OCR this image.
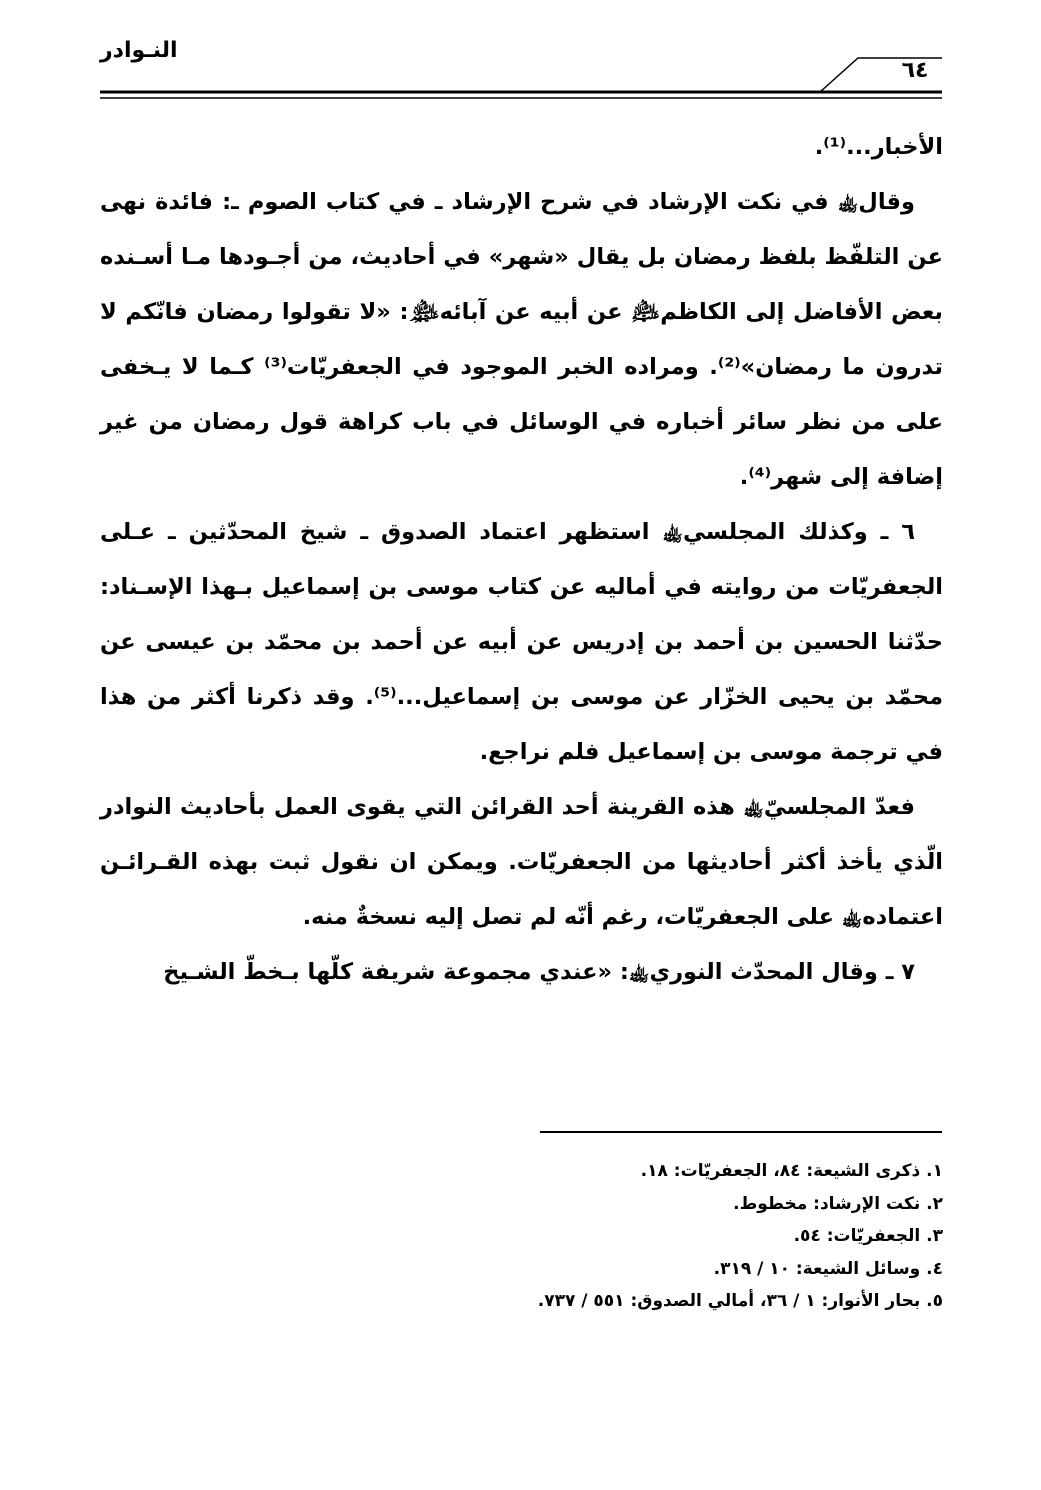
النـوادر
٦٤

الأخبار...⁽¹⁾.

وقال﵀ في نكت الإرشاد في شرح الإرشاد ـ في كتاب الصوم ـ: فائدة نهى عن التلفّظ بلفظ رمضان بل يقال «شهر» في أحاديث، من أجـودها مـا أسـنده بعض الأفاضل إلى الكاظم﵇ عن أبيه عن آبائه﵈: «لا تقولوا رمضان فانّكم لا تدرون ما رمضان»⁽²⁾. ومراده الخبر الموجود في الجعفريّات⁽³⁾ كـما لا يـخفى على من نظر سائر أخباره في الوسائل في باب كراهة قول رمضان من غير إضافة إلى شهر⁽⁴⁾.

٦ ـ وكذلك المجلسي﵀ استظهر اعتماد الصدوق ـ شيخ المحدّثين ـ عـلى الجعفريّات من روايته في أماليه عن كتاب موسى بن إسماعيل بـهذا الإسـناد: حدّثنا الحسين بن أحمد بن إدريس عن أبيه عن أحمد بن محمّد بن عيسى عن محمّد بن يحيى الخزّار عن موسى بن إسماعيل...⁽⁵⁾. وقد ذكرنا أكثر من هذا في ترجمة موسى بن إسماعيل فلم نراجع.

فعدّ المجلسيّ﵀ هذه القرينة أحد القرائن التي يقوى العمل بأحاديث النوادر الّذي يأخذ أكثر أحاديثها من الجعفريّات. ويمكن ان نقول ثبت بهذه القـرائـن اعتماده﵀ على الجعفريّات، رغم أنّه لم تصل إليه نسخةٌ منه.

٧ ـ وقال المحدّث النوري﵀: «عندي مجموعة شريفة كلّها بـخطّ الشـيخ

١. ذكرى الشيعة: ٨٤، الجعفريّات: ١٨.
٢. نكت الإرشاد: مخطوط.
٣. الجعفريّات: ٥٤.
٤. وسائل الشيعة: ١٠ / ٣١٩.
٥. بحار الأنوار: ١ / ٣٦، أمالي الصدوق: ٥٥١ / ٧٣٧.
